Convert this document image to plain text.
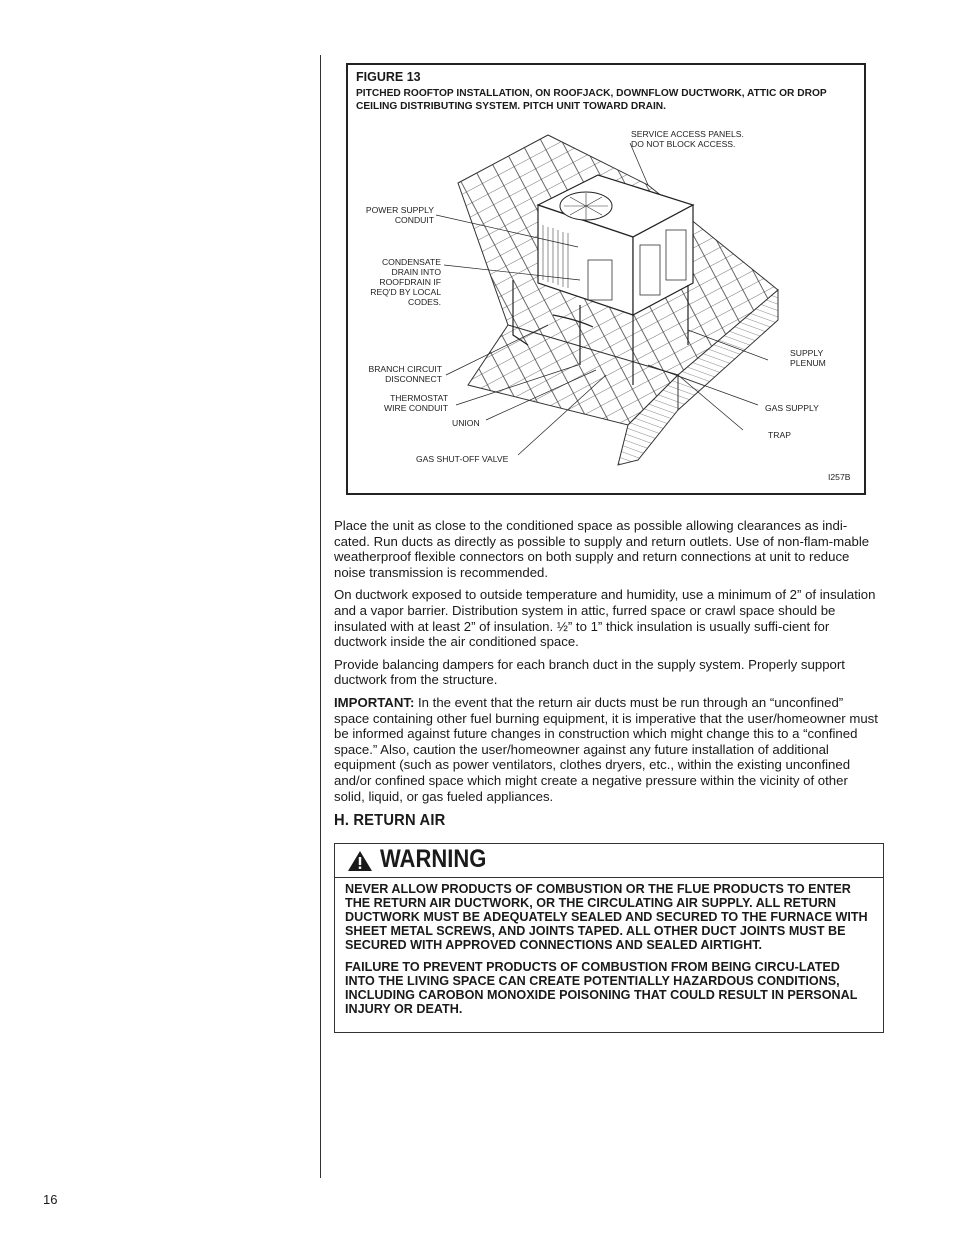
FIGURE 13
PITCHED ROOFTOP INSTALLATION, ON ROOFJACK, DOWNFLOW DUCTWORK, ATTIC OR DROP CEILING DISTRIBUTING SYSTEM. PITCH UNIT TOWARD DRAIN.
SERVICE ACCESS PANELS.
DO NOT BLOCK ACCESS.
POWER SUPPLY
CONDUIT
CONDENSATE
DRAIN INTO
ROOFDRAIN IF
REQ'D BY LOCAL
CODES.
SUPPLY
PLENUM
BRANCH CIRCUIT
DISCONNECT
THERMOSTAT
WIRE CONDUIT	GAS SUPPLY
UNION
TRAP
GAS SHUT-OFF VALVE
I257B

Place the unit as close to the conditioned space as possible allowing clearances as indi-cated. Run ducts as directly as possible to supply and return outlets. Use of non-flam-mable weatherproof flexible connectors on both supply and return connections at unit to reduce noise transmission is recommended.

On ductwork exposed to outside temperature and humidity, use a minimum of 2” of insulation and a vapor barrier. Distribution system in attic, furred space or crawl space should be insulated with at least 2” of insulation. ½” to 1” thick insulation is usually suffi-cient for ductwork inside the air conditioned space.

Provide balancing dampers for each branch duct in the supply system. Properly support ductwork from the structure.

IMPORTANT: In the event that the return air ducts must be run through an “unconfined” space containing other fuel burning equipment, it is imperative that the user/homeowner must be informed against future changes in construction which might change this to a “confined space.” Also, caution the user/homeowner against any future installation of additional equipment (such as power ventilators, clothes dryers, etc., within the existing unconfined and/or confined space which might create a negative pressure within the vicinity of other solid, liquid, or gas fueled appliances.

H. RETURN AIR
WARNING

NEVER ALLOW PRODUCTS OF COMBUSTION OR THE FLUE PRODUCTS TO ENTER THE RETURN AIR DUCTWORK, OR THE CIRCULATING AIR SUPPLY. ALL RETURN DUCTWORK MUST BE ADEQUATELY SEALED AND SECURED TO THE FURNACE WITH SHEET METAL SCREWS, AND JOINTS TAPED. ALL OTHER DUCT JOINTS MUST BE SECURED WITH APPROVED CONNECTIONS AND SEALED AIRTIGHT.

FAILURE TO PREVENT PRODUCTS OF COMBUSTION FROM BEING CIRCU-LATED INTO THE LIVING SPACE CAN CREATE POTENTIALLY HAZARDOUS CONDITIONS, INCLUDING CAROBON MONOXIDE POISONING THAT COULD RESULT IN PERSONAL INJURY OR DEATH.

16
